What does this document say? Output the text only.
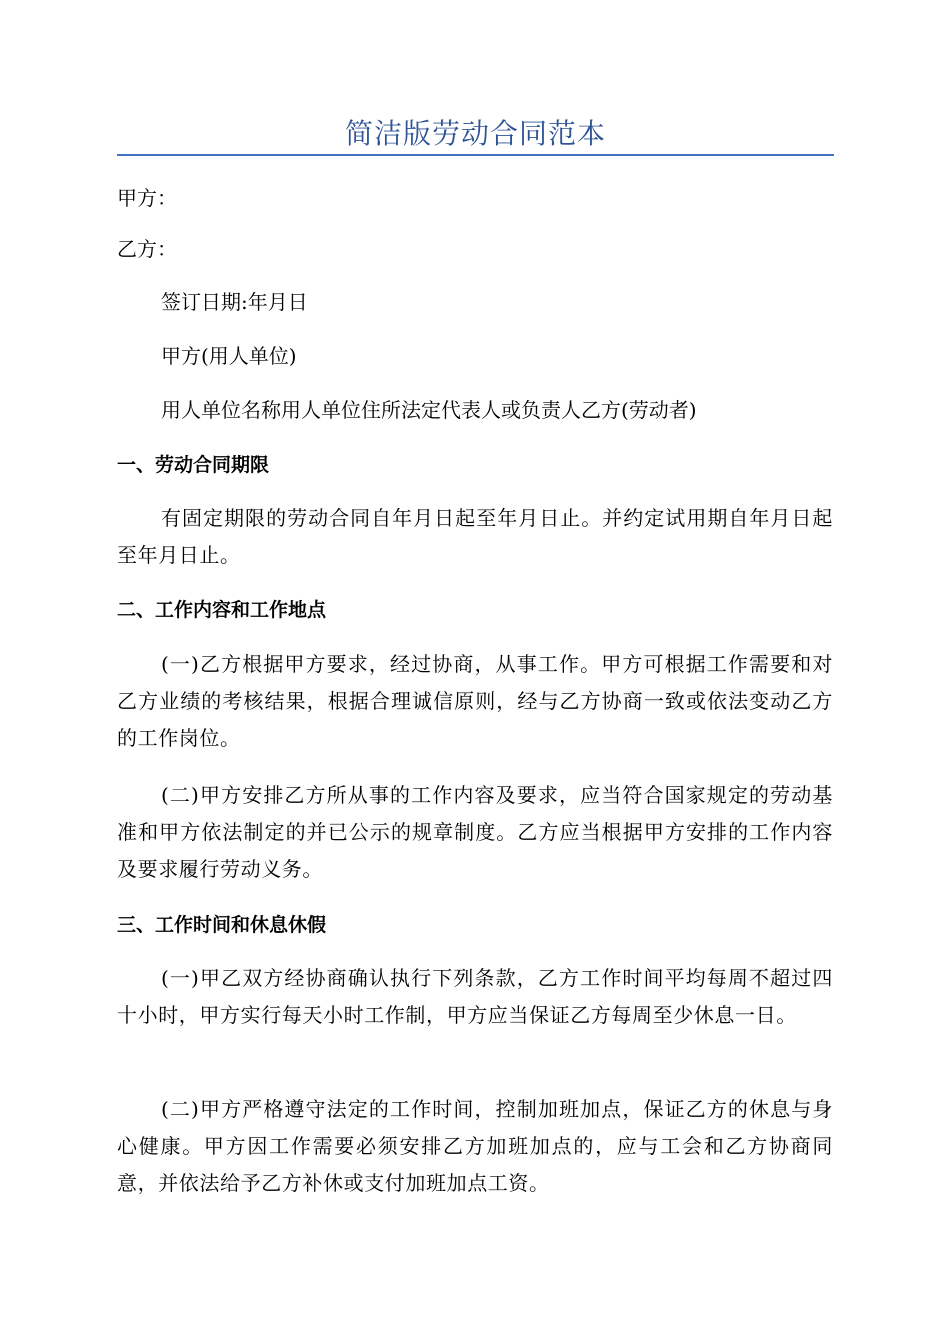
简洁版劳动合同范本
甲方：
乙方：
签订日期:年月日
甲方(用人单位)
用人单位名称用人单位住所法定代表人或负责人乙方(劳动者)
一、劳动合同期限
有固定期限的劳动合同自年月日起至年月日止。并约定试用期自年月日起至年月日止。
二、工作内容和工作地点
(一)乙方根据甲方要求，经过协商，从事工作。甲方可根据工作需要和对乙方业绩的考核结果，根据合理诚信原则，经与乙方协商一致或依法变动乙方的工作岗位。
(二)甲方安排乙方所从事的工作内容及要求，应当符合国家规定的劳动基准和甲方依法制定的并已公示的规章制度。乙方应当根据甲方安排的工作内容及要求履行劳动义务。
三、工作时间和休息休假
(一)甲乙双方经协商确认执行下列条款，乙方工作时间平均每周不超过四十小时，甲方实行每天小时工作制，甲方应当保证乙方每周至少休息一日。
(二)甲方严格遵守法定的工作时间，控制加班加点，保证乙方的休息与身心健康。甲方因工作需要必须安排乙方加班加点的，应与工会和乙方协商同意，并依法给予乙方补休或支付加班加点工资。
